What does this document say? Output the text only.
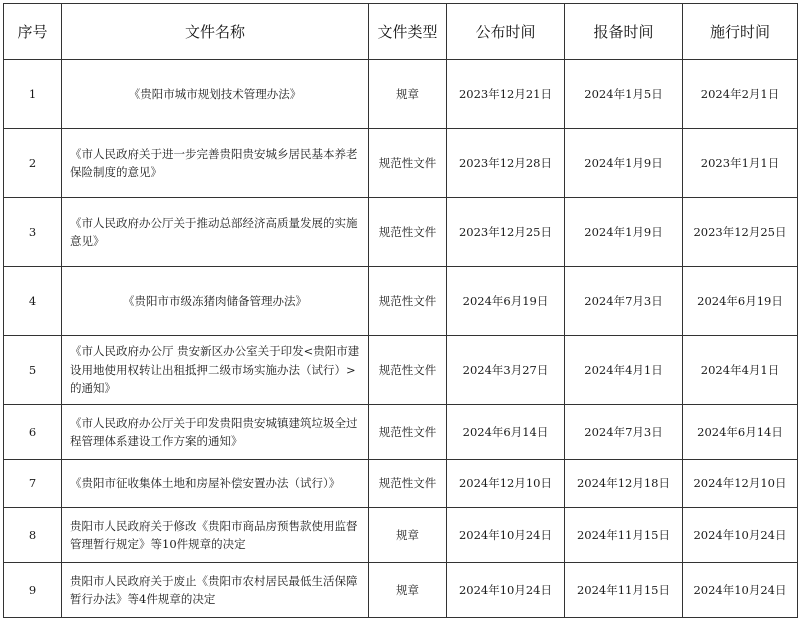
序号	文件名称	文件类型	公布时间	报备时间	施行时间
1	《贵阳市城市规划技术管理办法》	规章	2023年12月21日	2024年1月5日	2024年2月1日
2	《市人民政府关于进一步完善贵阳贵安城乡居民基本养老保险制度的意见》	规范性文件	2023年12月28日	2024年1月9日	2023年1月1日
3	《市人民政府办公厅关于推动总部经济高质量发展的实施意见》	规范性文件	2023年12月25日	2024年1月9日	2023年12月25日
4	《贵阳市市级冻猪肉储备管理办法》	规范性文件	2024年6月19日	2024年7月3日	2024年6月19日
5	《市人民政府办公厅 贵安新区办公室关于印发<贵阳市建设用地使用权转让出租抵押二级市场实施办法（试行）>的通知》	规范性文件	2024年3月27日	2024年4月1日	2024年4月1日
6	《市人民政府办公厅关于印发贵阳贵安城镇建筑垃圾全过程管理体系建设工作方案的通知》	规范性文件	2024年6月14日	2024年7月3日	2024年6月14日
7	《贵阳市征收集体土地和房屋补偿安置办法（试行）》	规范性文件	2024年12月10日	2024年12月18日	2024年12月10日
8	贵阳市人民政府关于修改《贵阳市商品房预售款使用监督管理暂行规定》等10件规章的决定	规章	2024年10月24日	2024年11月15日	2024年10月24日
9	贵阳市人民政府关于废止《贵阳市农村居民最低生活保障暂行办法》等4件规章的决定	规章	2024年10月24日	2024年11月15日	2024年10月24日
